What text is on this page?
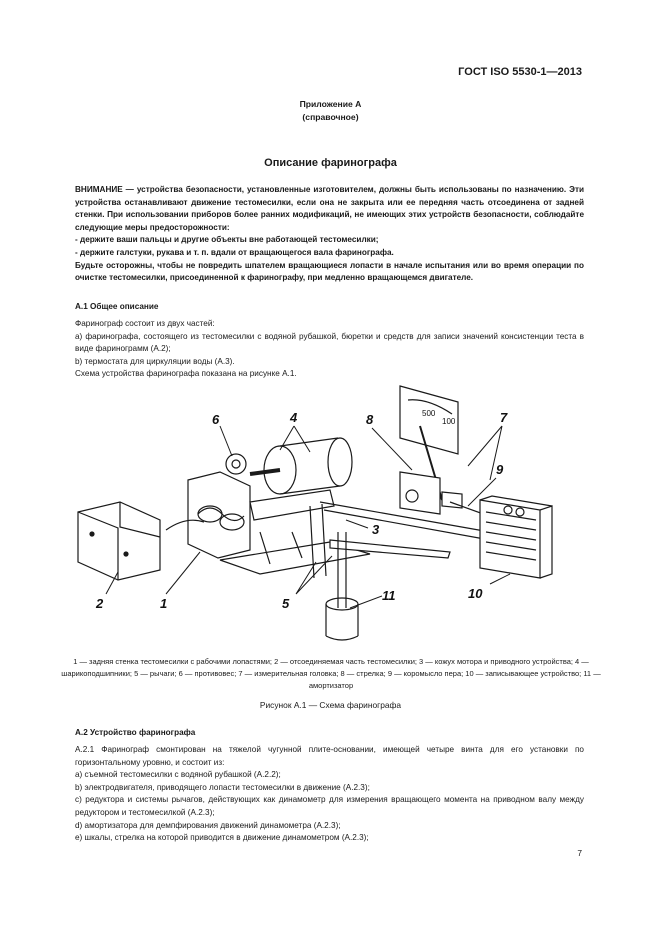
ГОСТ ISO 5530-1—2013
Приложение А
(справочное)
Описание фаринографа

ВНИМАНИЕ — устройства безопасности, установленные изготовителем, должны быть использованы по назначению. Эти устройства останавливают движение тестомесилки, если она не закрыта или ее передняя часть отсоединена от задней стенки. При использовании приборов более ранних модификаций, не имеющих этих устройств безопасности, соблюдайте следующие меры предосторожности:

- держите ваши пальцы и другие объекты вне работающей тестомесилки;

- держите галстуки, рукава и т. п. вдали от вращающегося вала фаринографа.

Будьте осторожны, чтобы не повредить шпателем вращающиеся лопасти в начале испытания или во время операции по очистке тестомесилки, присоединенной к фаринографу, при медленно вращающемся двигателе.

А.1 Общее описание

Фаринограф состоит из двух частей:

a) фаринографа, состоящего из тестомесилки с водяной рубашкой, бюретки и средств для записи значений консистенции теста в виде фаринограмм (А.2);

b) термостата для циркуляции воды (А.3).

Схема устройства фаринографа показана на рисунке А.1.

500
100
6	4	8	7
9
3
2	1	5
11	10
1 — задняя стенка тестомесилки с рабочими лопастями; 2 — отсоединяемая часть тестомесилки; 3 — кожух мотора и приводного устройства; 4 — шарикоподшипники; 5 — рычаги; 6 — противовес; 7 — измерительная головка; 8 — стрелка; 9 — коромысло пера; 10 — записывающее устройство; 11 — амортизатор
Рисунок А.1 — Схема фаринографа
А.2 Устройство фаринографа

А.2.1 Фаринограф смонтирован на тяжелой чугунной плите-основании, имеющей четыре винта для его установки по горизонтальному уровню, и состоит из:

a) съемной тестомесилки с водяной рубашкой (А.2.2);

b) электродвигателя, приводящего лопасти тестомесилки в движение (А.2.3);

c) редуктора и системы рычагов, действующих как динамометр для измерения вращающего момента на приводном валу между редуктором и тестомесилкой (А.2.3);

d) амортизатора для демпфирования движений динамометра (А.2.3);

e) шкалы, стрелка на которой приводится в движение динамометром (А.2.3);

7
